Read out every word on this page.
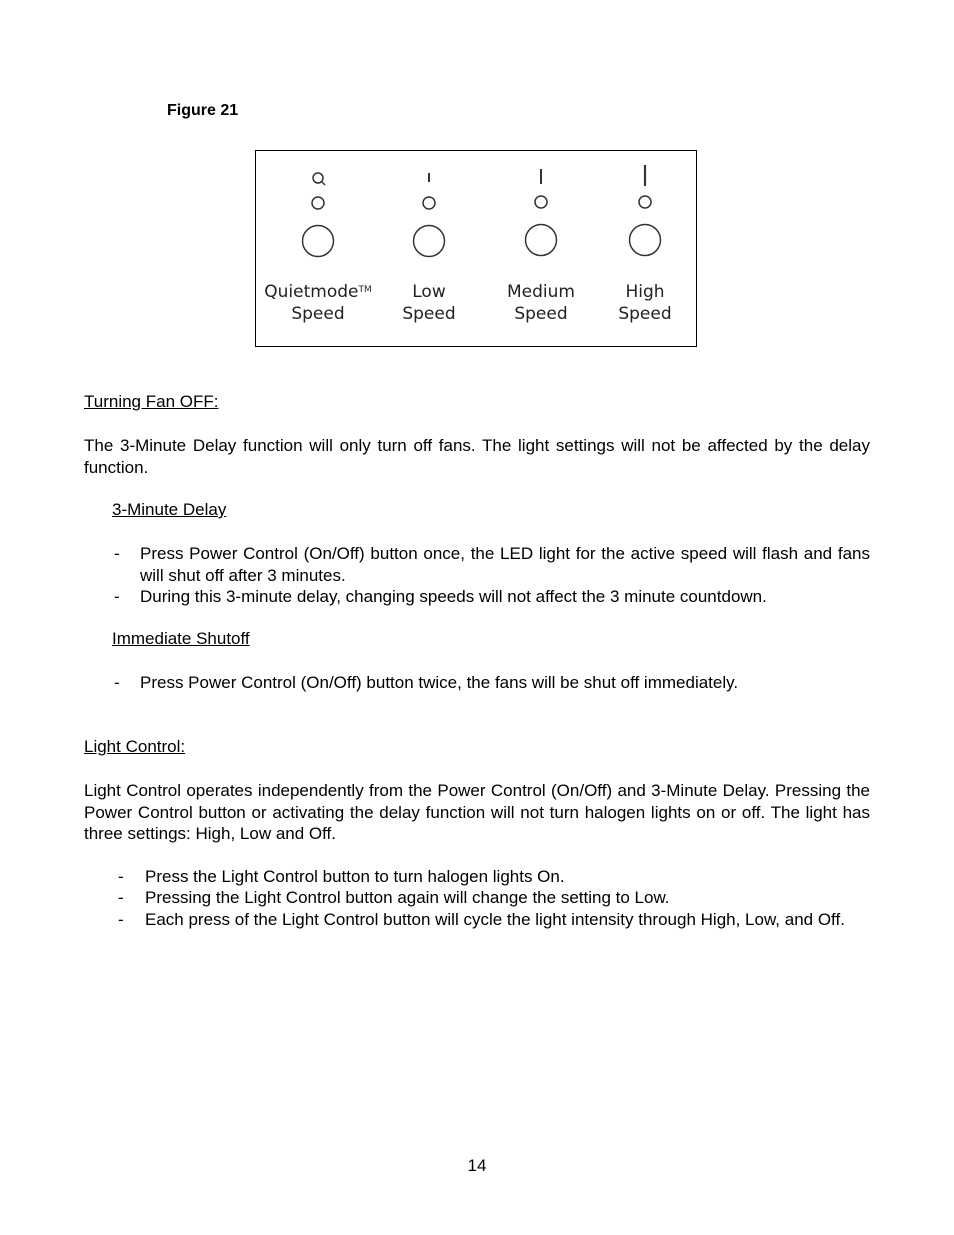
Figure 21
Quietmode™
Speed
Low
Speed
Medium
Speed
High
Speed
Turning Fan OFF:
The 3-Minute Delay function will only turn off fans. The light settings will not be affected by the delay function.
3-Minute Delay
- Press Power Control (On/Off) button once, the LED light for the active speed will flash and fans will shut off after 3 minutes.
- During this 3-minute delay, changing speeds will not affect the 3 minute countdown.
Immediate Shutoff
- Press Power Control (On/Off) button twice, the fans will be shut off immediately.
Light Control:
Light Control operates independently from the Power Control (On/Off) and 3-Minute Delay. Pressing the Power Control button or activating the delay function will not turn halogen lights on or off. The light has three settings: High, Low and Off.
- Press the Light Control button to turn halogen lights On.
- Pressing the Light Control button again will change the setting to Low.
- Each press of the Light Control button will cycle the light intensity through High, Low, and Off.
14
